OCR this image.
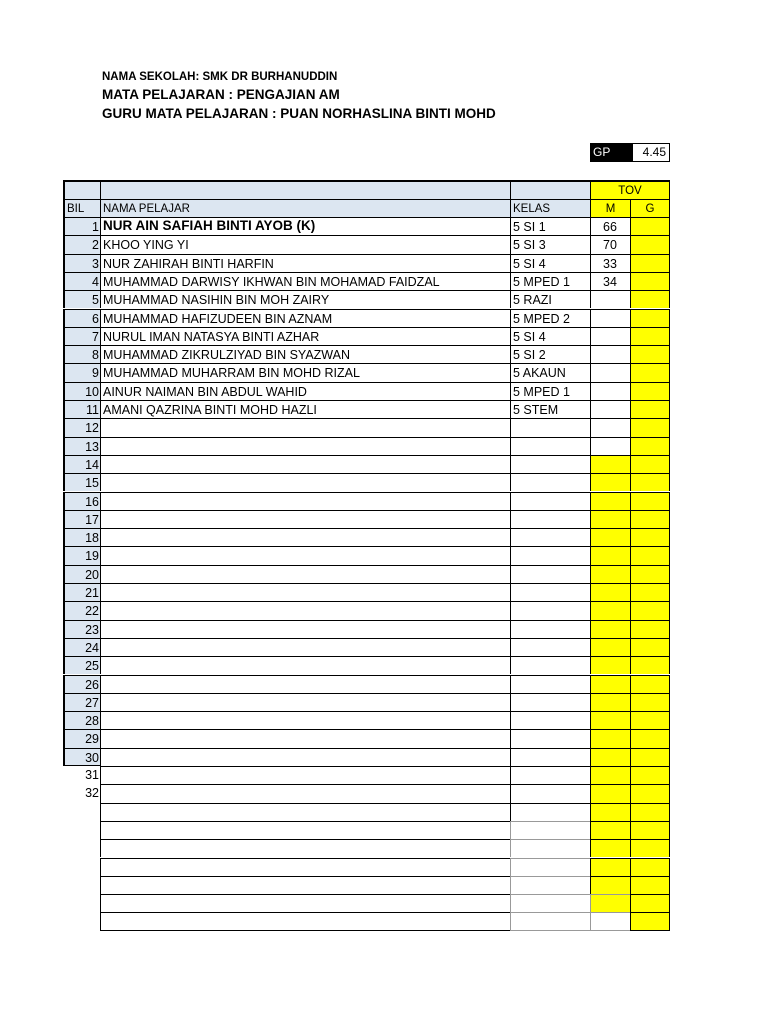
NAMA SEKOLAH: SMK DR BURHANUDDIN
MATA PELAJARAN : PENGAJIAN AM
GURU MATA PELAJARAN : PUAN NORHASLINA BINTI MOHD
GP	4.45
TOV
BIL	NAMA PELAJAR	KELAS	M	G
1 NUR AIN SAFIAH BINTI AYOB (K)	5 SI 1	66
2 KHOO YING YI	5 SI 3	70
3 NUR ZAHIRAH BINTI HARFIN	5 SI 4	33
4 MUHAMMAD DARWISY IKHWAN BIN MOHAMAD FAIDZAL	5 MPED 1	34
5 MUHAMMAD NASIHIN BIN MOH ZAIRY	5 RAZI
6 MUHAMMAD HAFIZUDEEN BIN AZNAM	5 MPED 2
7 NURUL IMAN NATASYA BINTI AZHAR	5 SI 4
8 MUHAMMAD ZIKRULZIYAD BIN SYAZWAN	5 SI 2
9 MUHAMMAD MUHARRAM BIN MOHD RIZAL	5 AKAUN
10 AINUR NAIMAN BIN ABDUL WAHID	5 MPED 1
11 AMANI QAZRINA BINTI MOHD HAZLI	5 STEM
12
13
14
15
16
17
18
19
20
21
22
23
24
25
26
27
28
29
30
31
32
